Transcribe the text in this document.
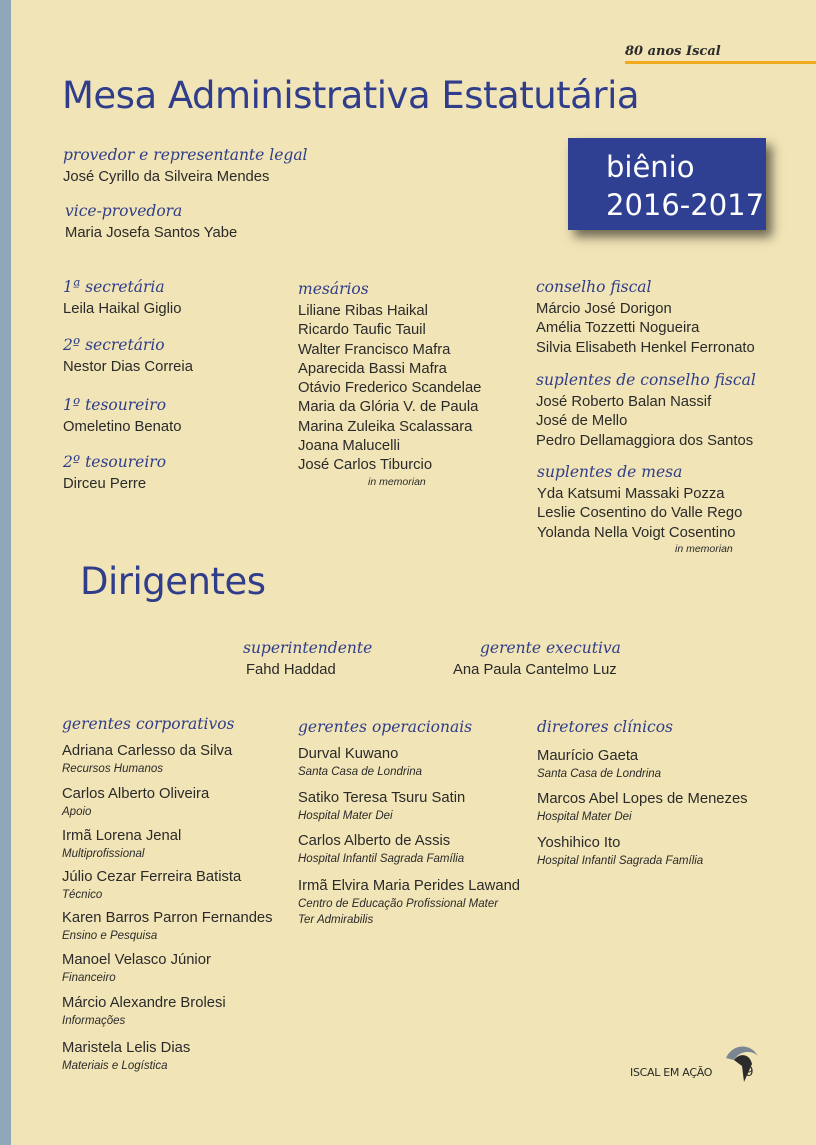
80 anos Iscal
Mesa Administrativa Estatutária
biênio
2016-2017
provedor e representante legal
José Cyrillo da Silveira Mendes
vice-provedora
Maria Josefa Santos Yabe
1ª secretária
Leila Haikal Giglio
2º secretário
Nestor Dias Correia
1º tesoureiro
Omeletino Benato
2º tesoureiro
Dirceu Perre
mesários
Liliane Ribas Haikal
Ricardo Taufic Tauil
Walter Francisco Mafra
Aparecida Bassi Mafra
Otávio Frederico Scandelae
Maria da Glória V. de Paula
Marina Zuleika Scalassara
Joana Malucelli
José Carlos Tiburcio
in memorian
conselho fiscal
Márcio José Dorigon
Amélia Tozzetti Nogueira
Silvia Elisabeth Henkel Ferronato
suplentes de conselho fiscal
José Roberto Balan Nassif
José de Mello
Pedro Dellamaggiora dos Santos
suplentes de mesa
Yda Katsumi Massaki Pozza
Leslie Cosentino do Valle Rego
Yolanda Nella Voigt Cosentino
in memorian
Dirigentes
superintendente
Fahd Haddad
gerente executiva
Ana Paula Cantelmo Luz
gerentes corporativos
Adriana Carlesso da Silva
Recursos Humanos
Carlos Alberto Oliveira
Apoio
Irmã Lorena Jenal
Multiprofissional
Júlio Cezar Ferreira Batista
Técnico
Karen Barros Parron Fernandes
Ensino e Pesquisa
Manoel Velasco Júnior
Financeiro
Márcio Alexandre Brolesi
Informações
Maristela Lelis Dias
Materiais e Logística
gerentes operacionais
Durval Kuwano
Santa Casa de Londrina
Satiko Teresa Tsuru Satin
Hospital Mater Dei
Carlos Alberto de Assis
Hospital Infantil Sagrada Família
Irmã Elvira Maria Perides Lawand
Centro de Educação Profissional Mater
Ter Admirabilis
diretores clínicos
Maurício Gaeta
Santa Casa de Londrina
Marcos Abel Lopes de Menezes
Hospital Mater Dei
Yoshihico Ito
Hospital Infantil Sagrada Família
ISCAL EM AÇÃO 9
